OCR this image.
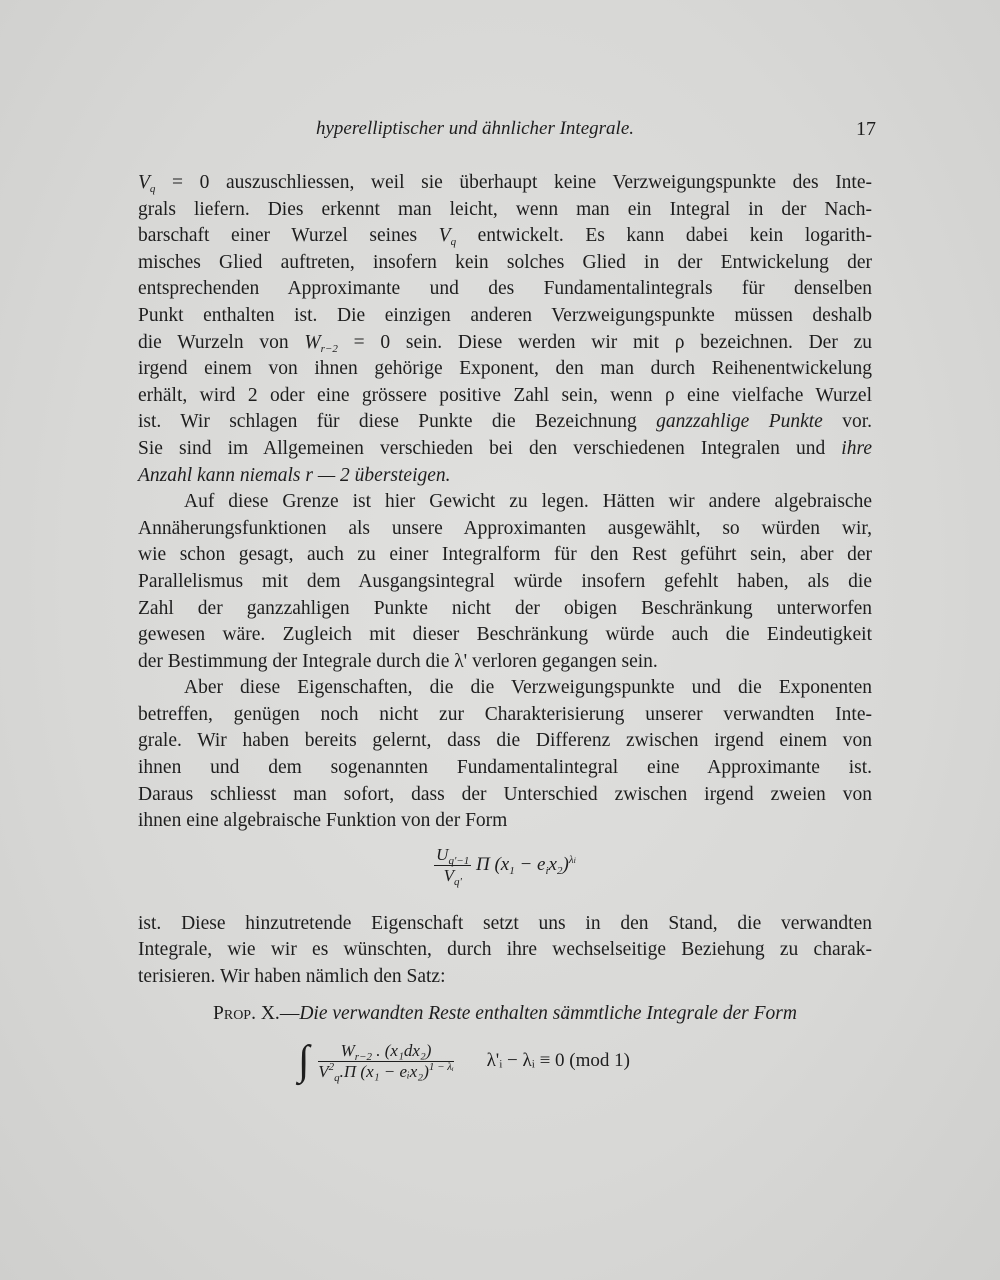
hyperelliptischer und ähnlicher Integrale.	17
$V_q = 0$ auszuschliessen, weil sie überhaupt keine Verzweigungspunkte des Inte-
grals liefern. Dies erkennt man leicht, wenn man ein Integral in der Nach-
barschaft einer Wurzel seines $V_q$ entwickelt. Es kann dabei kein logarith-
misches Glied auftreten, insofern kein solches Glied in der Entwickelung der
entsprechenden Approximante und des Fundamentalintegrals für denselben
Punkt enthalten ist. Die einzigen anderen Verzweigungspunkte müssen deshalb
die Wurzeln von $W_{r-2} = 0$ sein. Diese werden wir mit ρ bezeichnen. Der zu
irgend einem von ihnen gehörige Exponent, den man durch Reihenentwickelung
erhält, wird 2 oder eine grössere positive Zahl sein, wenn ρ eine vielfache Wurzel
ist. Wir schlagen für diese Punkte die Bezeichnung ganzzahlige Punkte vor.
Sie sind im Allgemeinen verschieden bei den verschiedenen Integralen und ihre
Anzahl kann niemals r — 2 übersteigen.
Auf diese Grenze ist hier Gewicht zu legen. Hätten wir andere algebraische
Annäherungsfunktionen als unsere Approximanten ausgewählt, so würden wir,
wie schon gesagt, auch zu einer Integralform für den Rest geführt sein, aber der
Parallelismus mit dem Ausgangsintegral würde insofern gefehlt haben, als die
Zahl der ganzzahligen Punkte nicht der obigen Beschränkung unterworfen
gewesen wäre. Zugleich mit dieser Beschränkung würde auch die Eindeutigkeit
der Bestimmung der Integrale durch die λ' verloren gegangen sein.
Aber diese Eigenschaften, die die Verzweigungspunkte und die Exponenten
betreffen, genügen noch nicht zur Charakterisierung unserer verwandten Inte-
grale. Wir haben bereits gelernt, dass die Differenz zwischen irgend einem von
ihnen und dem sogenannten Fundamentalintegral eine Approximante ist.
Daraus schliesst man sofort, dass der Unterschied zwischen irgend zweien von
ihnen eine algebraische Funktion von der Form
$\frac{U_{q'-1}}{V_{q'}}$ Π $(x_1 - e_ix_2)^{\lambda i}$
ist. Diese hinzutretende Eigenschaft setzt uns in den Stand, die verwandten
Integrale, wie wir es wünschten, durch ihre wechselseitige Beziehung zu charak-
terisieren. Wir haben nämlich den Satz:
Prop. X.—Die verwandten Reste enthalten sämmtliche Integrale der Form
∫ $\frac{W_{r-2} . (x_1dx_2)}{V^2_q.\Pi (x_1 - eᵢx_2)^{1 - \lambda ᵢ}}$ λ'ᵢ − λᵢ ≡ 0 (mod 1)
